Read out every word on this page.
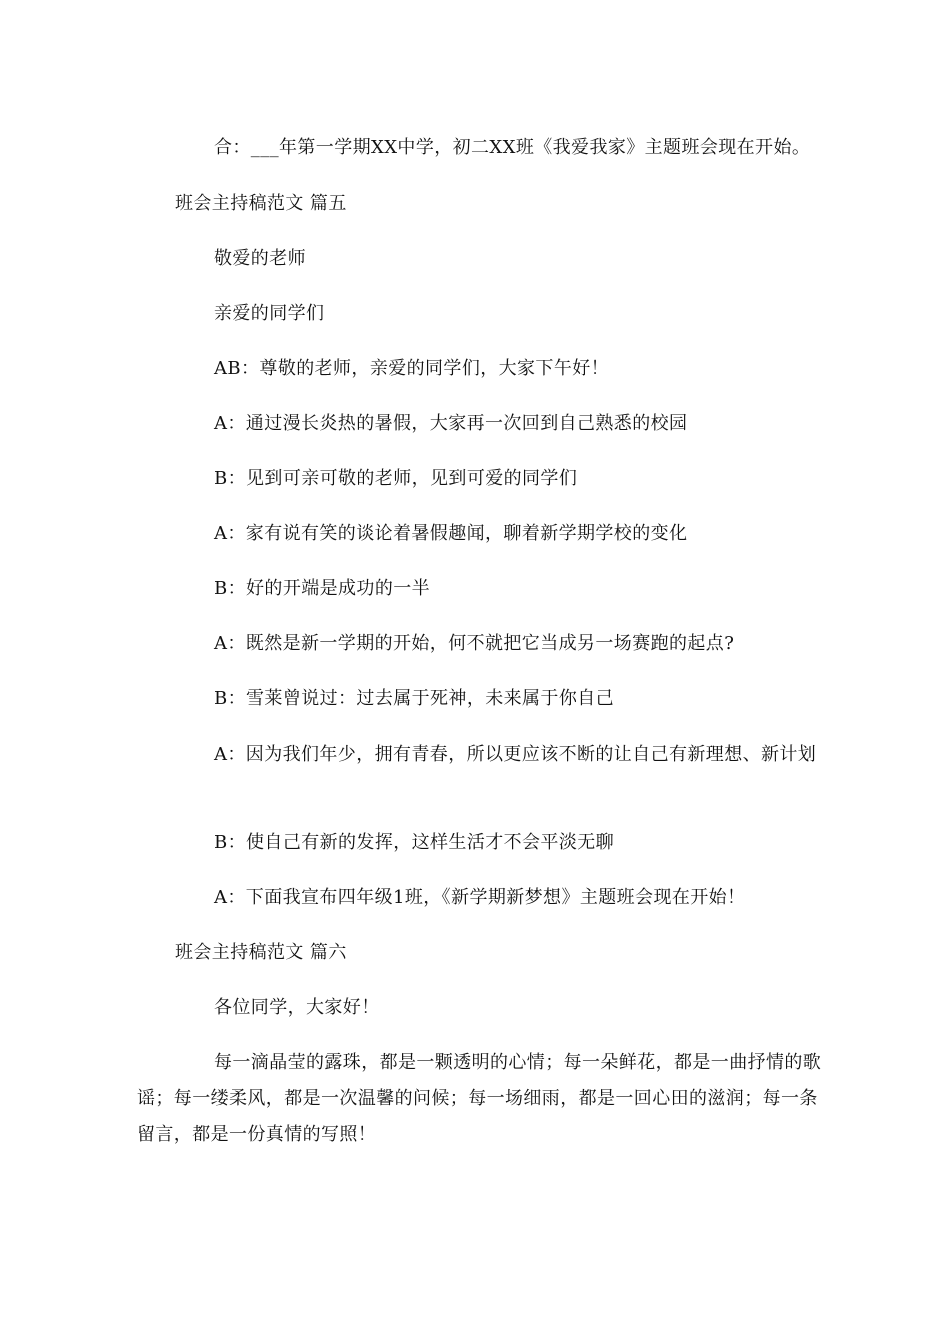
合：___年第一学期XX中学，初二XX班《我爱我家》主题班会现在开始。
班会主持稿范文 篇五
敬爱的老师
亲爱的同学们
AB：尊敬的老师，亲爱的同学们，大家下午好！
A：通过漫长炎热的暑假，大家再一次回到自己熟悉的校园
B：见到可亲可敬的老师，见到可爱的同学们
A：家有说有笑的谈论着暑假趣闻，聊着新学期学校的变化
B：好的开端是成功的一半
A：既然是新一学期的开始，何不就把它当成另一场赛跑的起点?
B：雪莱曾说过：过去属于死神，未来属于你自己
A：因为我们年少，拥有青春，所以更应该不断的让自己有新理想、新计划
B：使自己有新的发挥，这样生活才不会平淡无聊
A：下面我宣布四年级1班，《新学期新梦想》主题班会现在开始！
班会主持稿范文 篇六
各位同学，大家好！
每一滴晶莹的露珠，都是一颗透明的心情；每一朵鲜花，都是一曲抒情的歌谣；每一缕柔风，都是一次温馨的问候；每一场细雨，都是一回心田的滋润；每一条留言，都是一份真情的写照！
